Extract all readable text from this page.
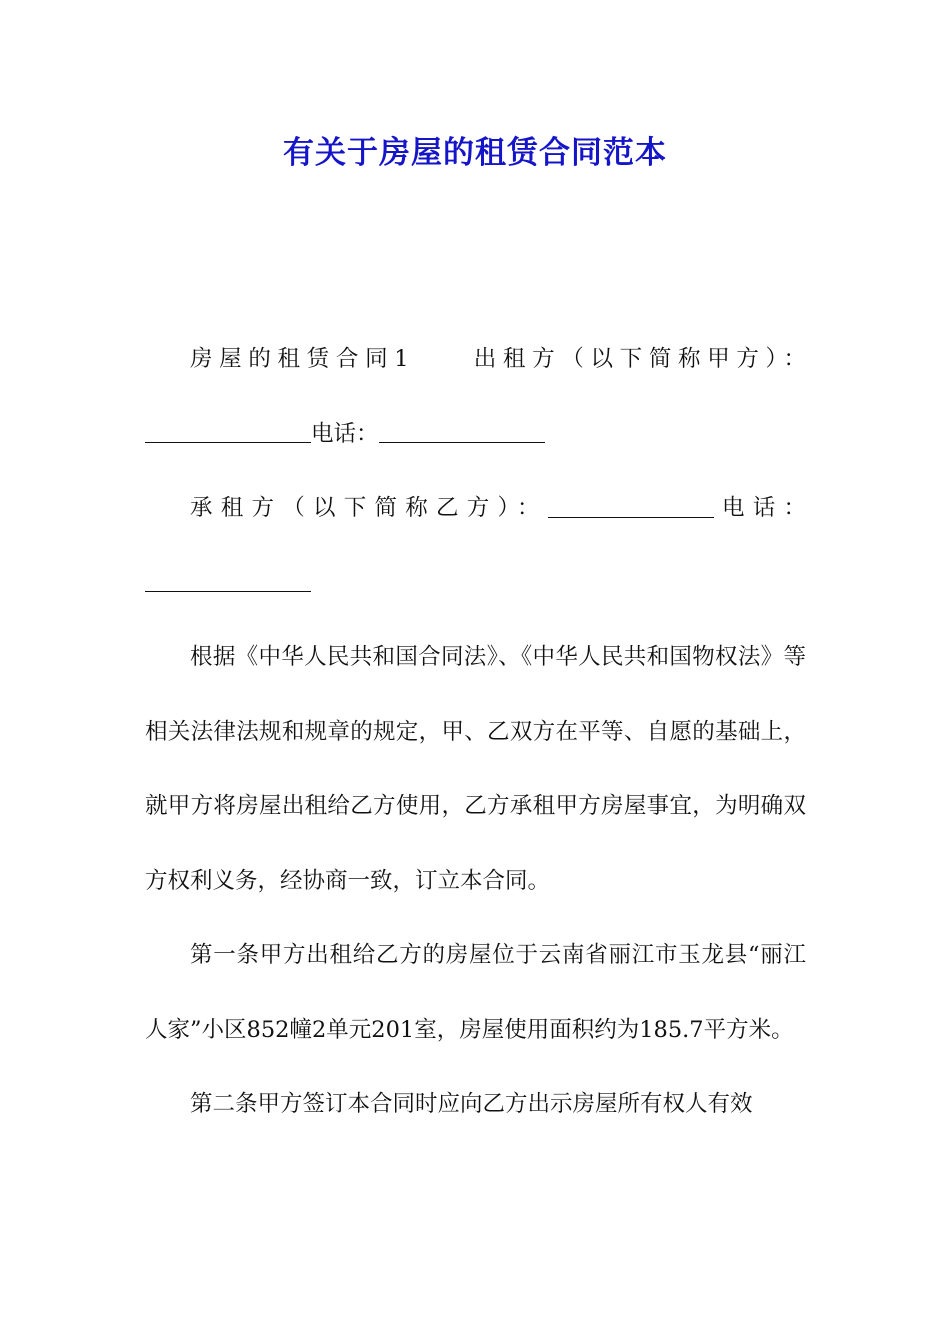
有关于房屋的租赁合同范本

房屋的租赁合同1	出租方（以下简称甲方）：电话：

承租方（以下简称乙方）：	电话：

根据《中华人民共和国合同法》、《中华人民共和国物权法》等相关法律法规和规章的规定，甲、乙双方在平等、自愿的基础上，就甲方将房屋出租给乙方使用，乙方承租甲方房屋事宜，为明确双方权利义务，经协商一致，订立本合同。

第一条甲方出租给乙方的房屋位于云南省丽江市玉龙县“丽江人家”小区852幢2单元201室，房屋使用面积约为185.7平方米。

第二条甲方签订本合同时应向乙方出示房屋所有权人有效
